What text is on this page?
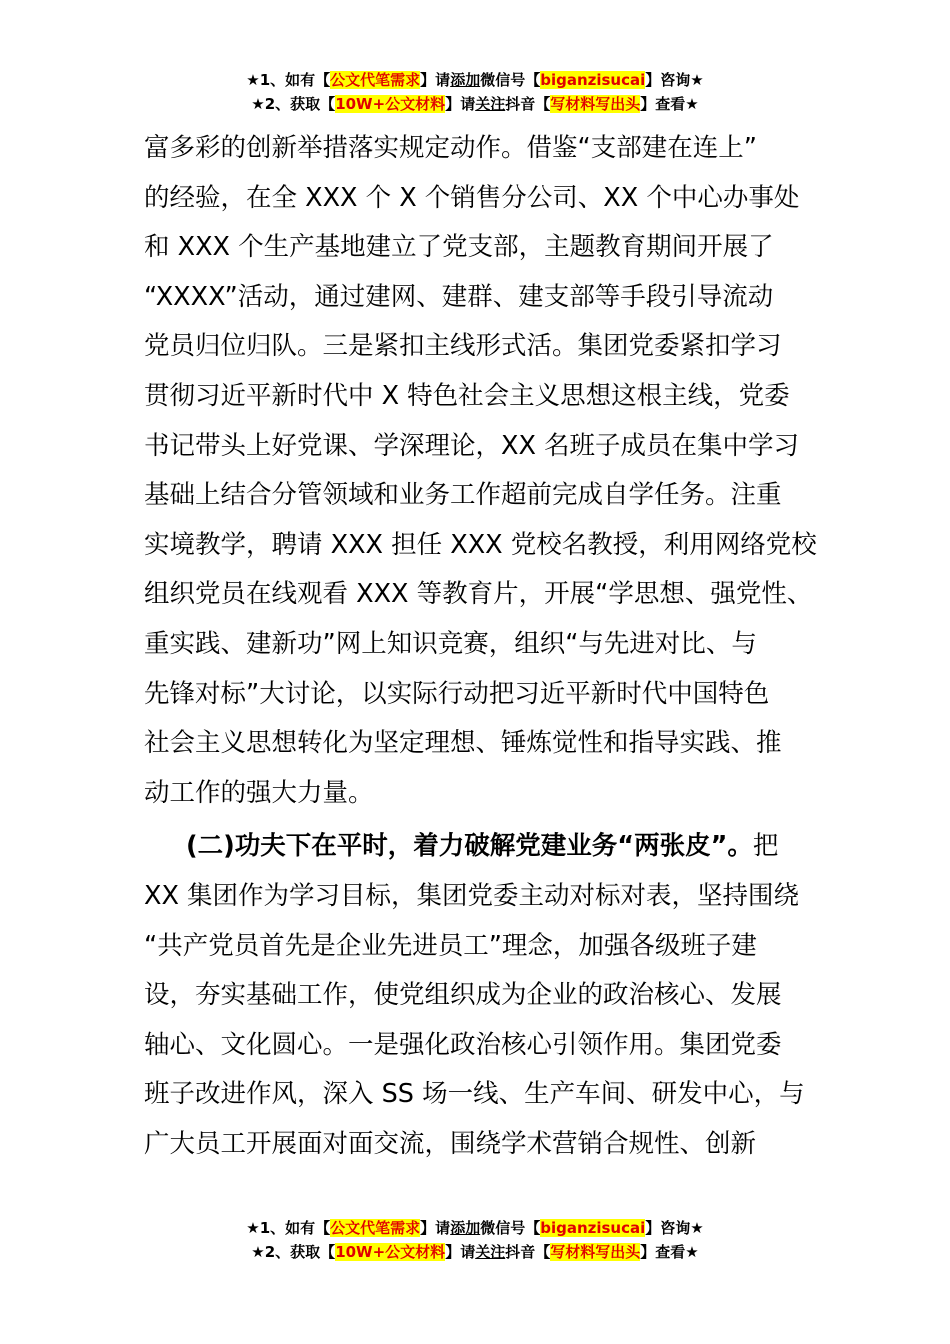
★1、如有【公文代笔需求】请添加微信号【biganzisucai】咨询★
★2、获取【10W+公文材料】请关注抖音【写材料写出头】查看★
富多彩的创新举措落实规定动作。借鉴“支部建在连上”
的经验，在全 XXX 个 X 个销售分公司、XX 个中心办事处
和 XXX 个生产基地建立了党支部，主题教育期间开展了
“XXXX”活动，通过建网、建群、建支部等手段引导流动
党员归位归队。三是紧扣主线形式活。集团党委紧扣学习
贯彻习近平新时代中 X 特色社会主义思想这根主线，党委
书记带头上好党课、学深理论，XX 名班子成员在集中学习
基础上结合分管领域和业务工作超前完成自学任务。注重
实境教学，聘请 XXX 担任 XXX 党校名教授，利用网络党校
组织党员在线观看 XXX 等教育片，开展“学思想、强党性、
重实践、建新功”网上知识竞赛，组织“与先进对比、与
先锋对标”大讨论，以实际行动把习近平新时代中国特色
社会主义思想转化为坚定理想、锤炼觉性和指导实践、推
动工作的强大力量。
(二)功夫下在平时，着力破解党建业务“两张皮”。把
XX 集团作为学习目标，集团党委主动对标对表，坚持围绕
“共产党员首先是企业先进员工”理念，加强各级班子建
设，夯实基础工作，使党组织成为企业的政治核心、发展
轴心、文化圆心。一是强化政治核心引领作用。集团党委
班子改进作风，深入 SS 场一线、生产车间、研发中心，与
广大员工开展面对面交流，围绕学术营销合规性、创新
★1、如有【公文代笔需求】请添加微信号【biganzisucai】咨询★
★2、获取【10W+公文材料】请关注抖音【写材料写出头】查看★
